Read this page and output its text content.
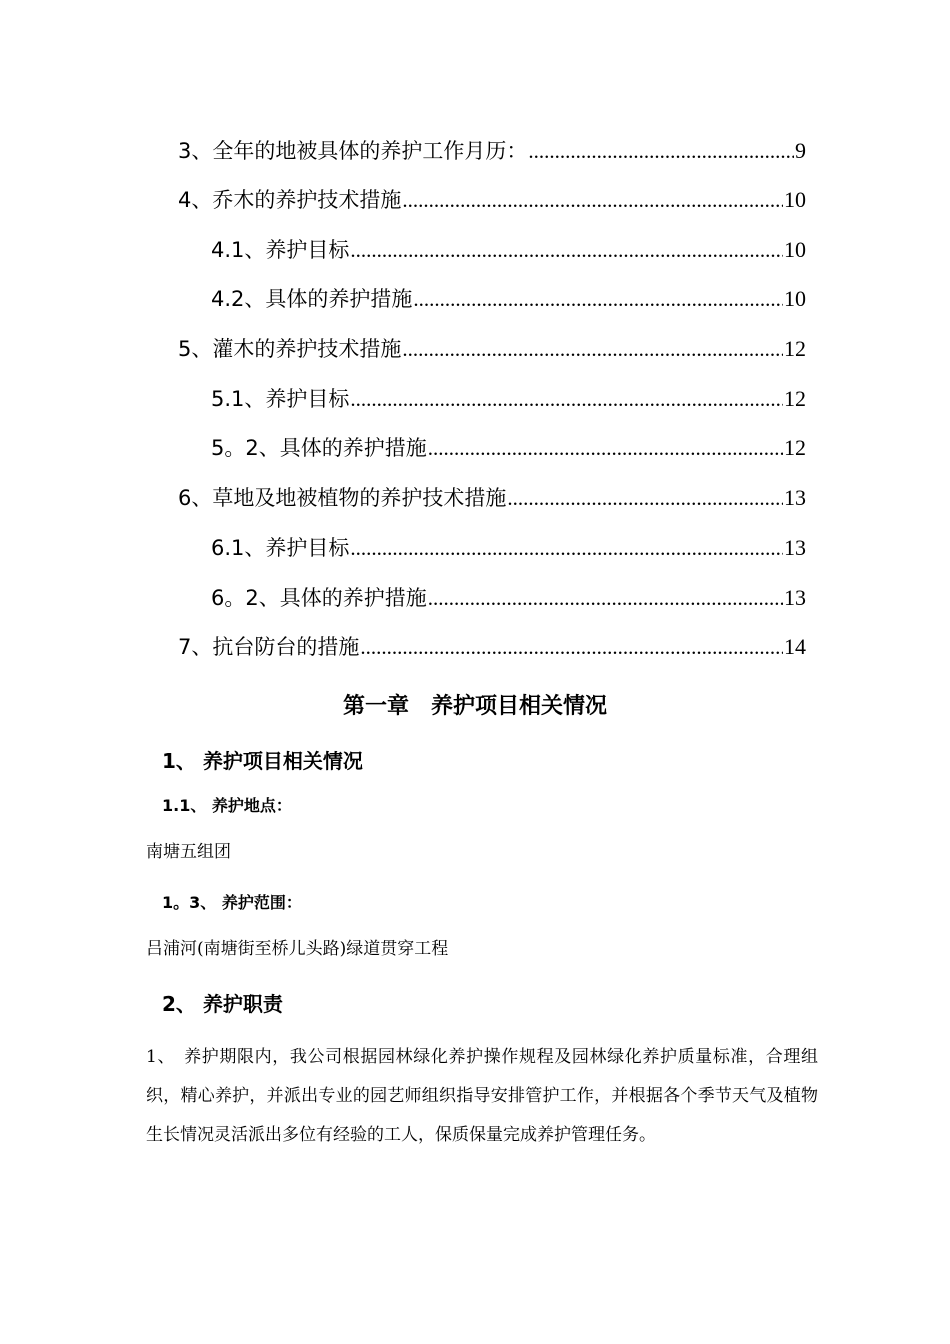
3、全年的地被具体的养护工作月历： .....	9
4、乔木的养护技术措施 .....	10
4.1、养护目标 .....	10
4.2、具体的养护措施 .....	10
5、灌木的养护技术措施 .....	12
5.1、养护目标 .....	12
5。2、具体的养护措施 .....	12
6、草地及地被植物的养护技术措施 .....	13
6.1、养护目标 .....	13
6。2、具体的养护措施 .....	13
7、抗台防台的措施 .....	14
第一章　养护项目相关情况
1、 养护项目相关情况
1.1、 养护地点：
南塘五组团
1。3、 养护范围：
吕浦河(南塘街至桥儿头路)绿道贯穿工程
2、 养护职责
1、　养护期限内，我公司根据园林绿化养护操作规程及园林绿化养护质量标准，合理组织，精心养护，并派出专业的园艺师组织指导安排管护工作，并根据各个季节天气及植物生长情况灵活派出多位有经验的工人，保质保量完成养护管理任务。
